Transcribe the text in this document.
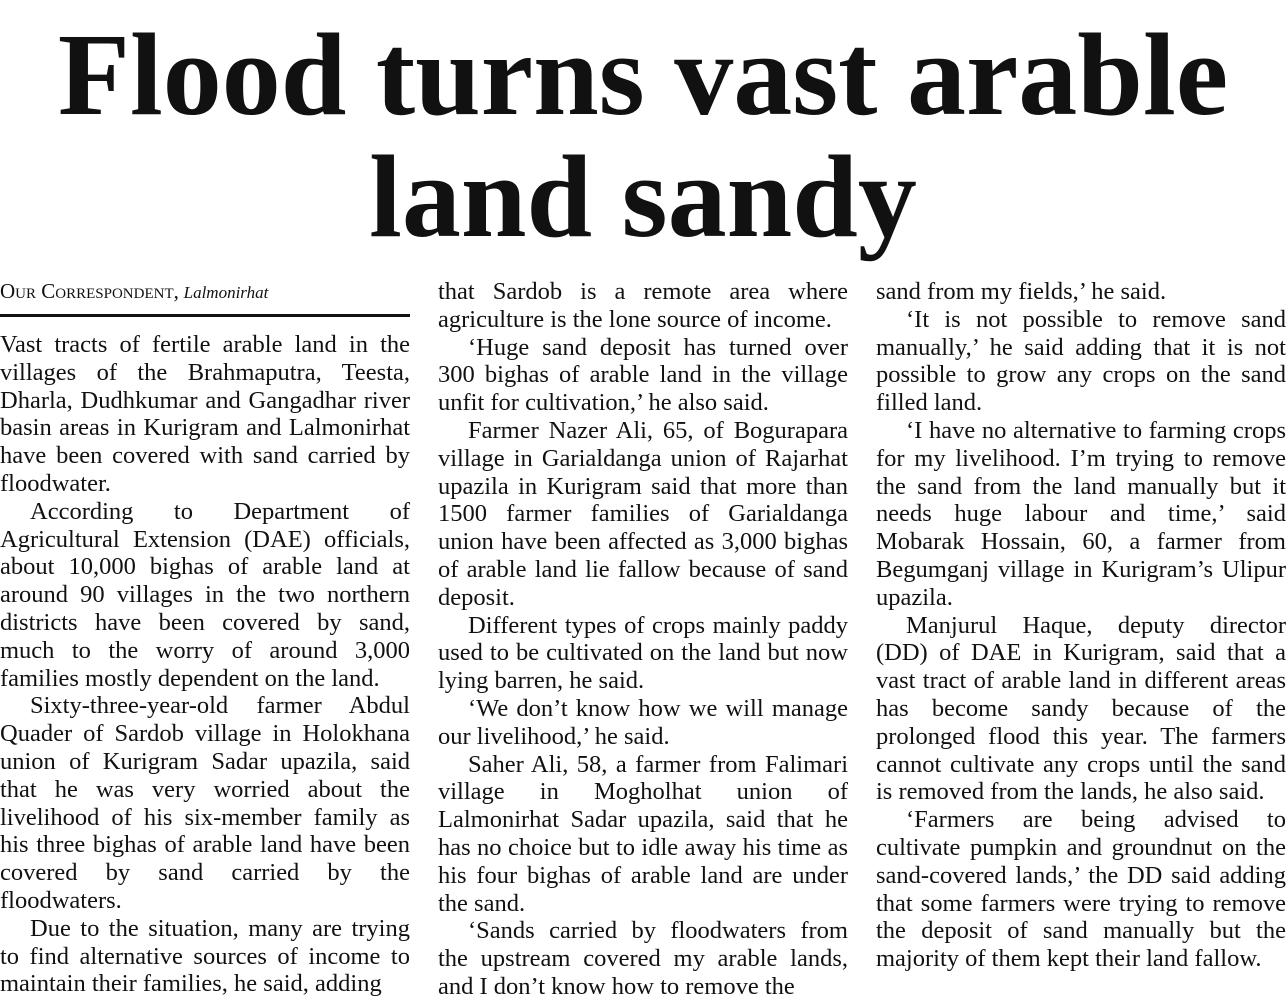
Flood turns vast arable land sandy
Our Correspondent, Lalmonirhat

Vast tracts of fertile arable land in the villages of the Brahmaputra, Teesta, Dharla, Dudhkumar and Gangadhar river basin areas in Kurigram and Lalmonirhat have been covered with sand carried by floodwater.

According to Department of Agricultural Extension (DAE) officials, about 10,000 bighas of arable land at around 90 villages in the two northern districts have been covered by sand, much to the worry of around 3,000 families mostly dependent on the land.

Sixty-three-year-old farmer Abdul Quader of Sardob village in Holokhana union of Kurigram Sadar upazila, said that he was very worried about the livelihood of his six-member family as his three bighas of arable land have been covered by sand carried by the floodwaters.

Due to the situation, many are trying to find alternative sources of income to maintain their families, he said, adding

that Sardob is a remote area where agriculture is the lone source of income.

‘Huge sand deposit has turned over 300 bighas of arable land in the village unfit for cultivation,’ he also said.

Farmer Nazer Ali, 65, of Bogurapara village in Garialdanga union of Rajarhat upazila in Kurigram said that more than 1500 farmer families of Garialdanga union have been affected as 3,000 bighas of arable land lie fallow because of sand deposit.

Different types of crops mainly paddy used to be cultivated on the land but now lying barren, he said.

‘We don’t know how we will manage our livelihood,’ he said.

Saher Ali, 58, a farmer from Falimari village in Mogholhat union of Lalmonirhat Sadar upazila, said that he has no choice but to idle away his time as his four bighas of arable land are under the sand.

‘Sands carried by floodwaters from the upstream covered my arable lands, and I don’t know how to remove the

sand from my fields,’ he said.

‘It is not possible to remove sand manually,’ he said adding that it is not possible to grow any crops on the sand filled land.

‘I have no alternative to farming crops for my livelihood. I’m trying to remove the sand from the land manually but it needs huge labour and time,’ said Mobarak Hossain, 60, a farmer from Begumganj village in Kurigram’s Ulipur upazila.

Manjurul Haque, deputy director (DD) of DAE in Kurigram, said that a vast tract of arable land in different areas has become sandy because of the prolonged flood this year. The farmers cannot cultivate any crops until the sand is removed from the lands, he also said.

‘Farmers are being advised to cultivate pumpkin and groundnut on the sand-covered lands,’ the DD said adding that some farmers were trying to remove the deposit of sand manually but the majority of them kept their land fallow.
